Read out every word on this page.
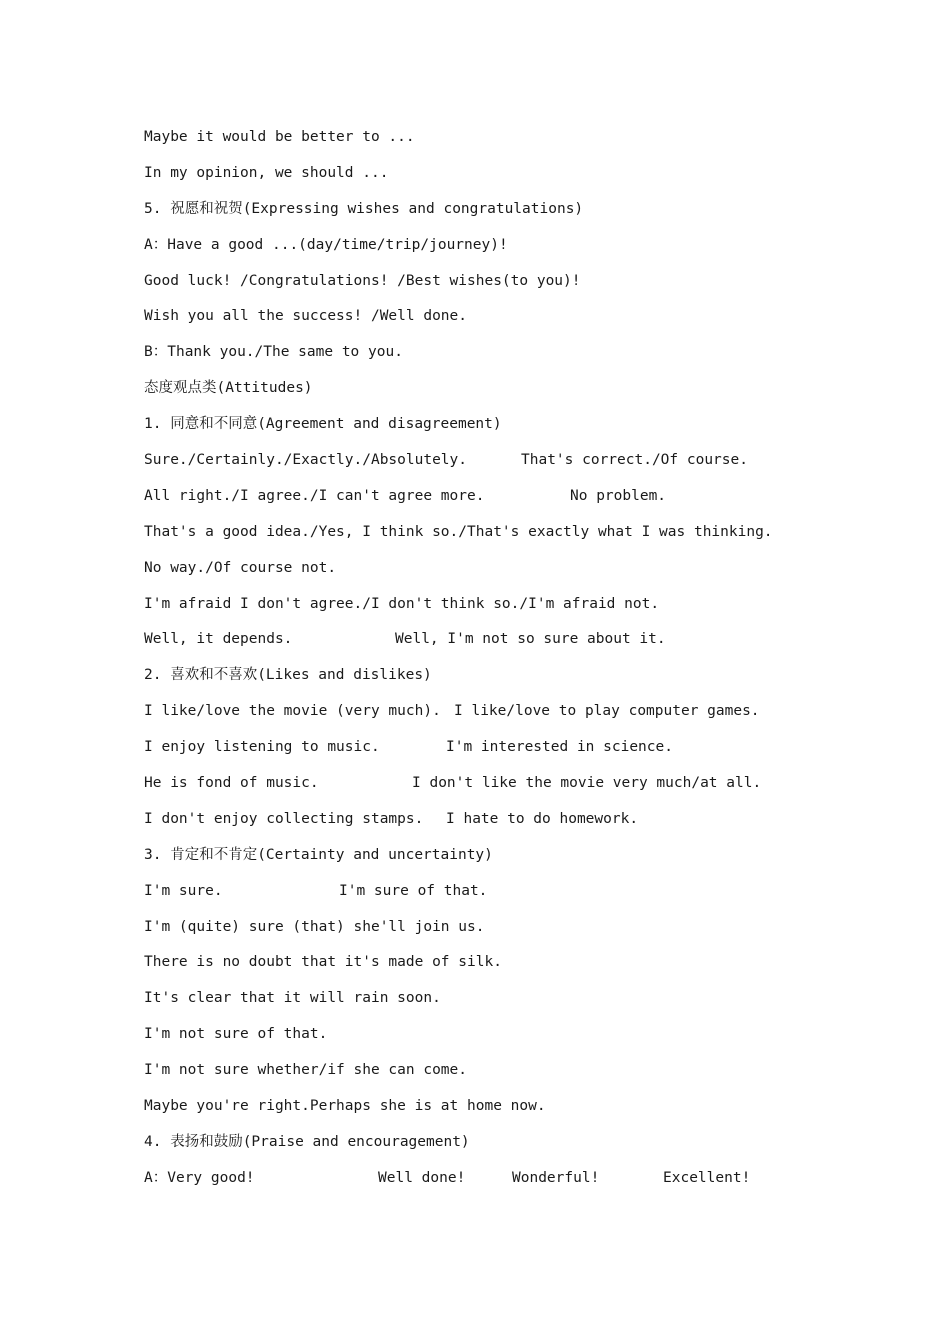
Maybe it would be better to ...
In my opinion, we should ...
5. 祝愿和祝贺(Expressing wishes and congratulations)
A：Have a good ...(day/time/trip/journey)!
Good luck! /Congratulations! /Best wishes(to you)!
Wish you all the success! /Well done.
B：Thank you./The same to you.
态度观点类(Attitudes)
1. 同意和不同意(Agreement and disagreement)
Sure./Certainly./Exactly./Absolutely.	That's correct./Of course.
All right./I agree./I can't agree more.	No problem.
That's a good idea./Yes, I think so./That's exactly what I was thinking.
No way./Of course not.
I'm afraid I don't agree./I don't think so./I'm afraid not.
Well, it depends.	Well, I'm not so sure about it.
2. 喜欢和不喜欢(Likes and dislikes)
I like/love the movie (very much). I like/love to play computer games.
I enjoy listening to music.	I'm interested in science.
He is fond of music.	I don't like the movie very much/at all.
I don't enjoy collecting stamps. I hate to do homework.
3. 肯定和不肯定(Certainty and uncertainty)
I'm sure.	I'm sure of that.
I'm (quite) sure (that) she'll join us.
There is no doubt that it's made of silk.
It's clear that it will rain soon.
I'm not sure of that.
I'm not sure whether/if she can come.
Maybe you're right.Perhaps she is at home now.
4. 表扬和鼓励(Praise and encouragement)
A：Very good!	Well done!	Wonderful!	Excellent!
